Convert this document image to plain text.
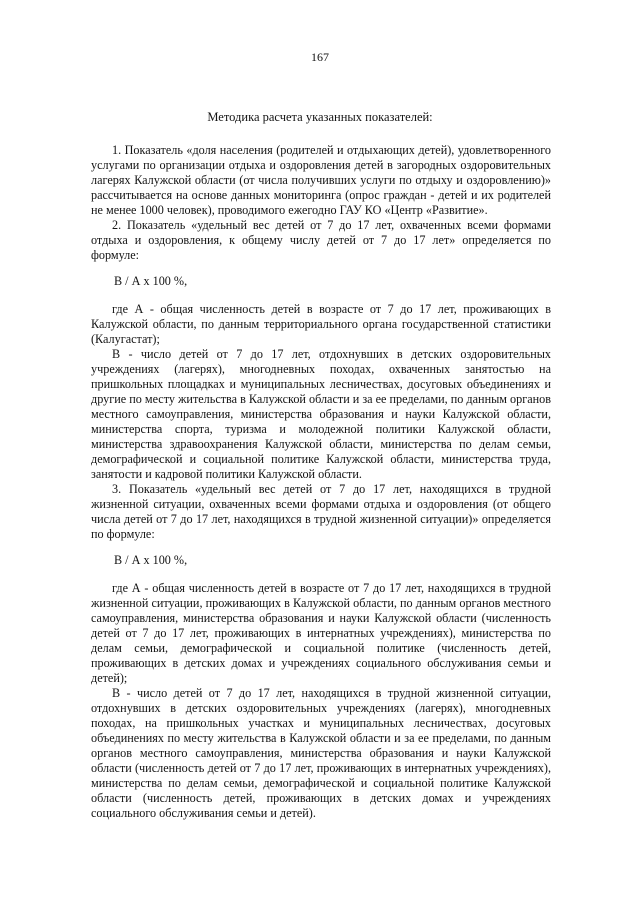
167
Методика расчета указанных показателей:

1. Показатель «доля населения (родителей и отдыхающих детей), удовлетворенного услугами по организации отдыха и оздоровления детей в загородных оздоровительных лагерях Калужской области (от числа получивших услуги по отдыху и оздоровлению)» рассчитывается на основе данных мониторинга (опрос граждан - детей и их родителей не менее 1000 человек), проводимого ежегодно ГАУ КО «Центр «Развитие».

2. Показатель «удельный вес детей от 7 до 17 лет, охваченных всеми формами отдыха и оздоровления, к общему числу детей от 7 до 17 лет» определяется по формуле:

В / А х 100 %,

где А - общая численность детей в возрасте от 7 до 17 лет, проживающих в Калужской области, по данным территориального органа государственной статистики (Калугастат);

В - число детей от 7 до 17 лет, отдохнувших в детских оздоровительных учреждениях (лагерях), многодневных походах, охваченных занятостью на пришкольных площадках и муниципальных лесничествах, досуговых объединениях и другие по месту жительства в Калужской области и за ее пределами, по данным органов местного самоуправления, министерства образования и науки Калужской области, министерства спорта, туризма и молодежной политики Калужской области, министерства здравоохранения Калужской области, министерства по делам семьи, демографической и социальной политике Калужской области, министерства труда, занятости и кадровой политики Калужской области.

3. Показатель «удельный вес детей от 7 до 17 лет, находящихся в трудной жизненной ситуации, охваченных всеми формами отдыха и оздоровления (от общего числа детей от 7 до 17 лет, находящихся в трудной жизненной ситуации)» определяется по формуле:

В / А х 100 %,

где А - общая численность детей в возрасте от 7 до 17 лет, находящихся в трудной жизненной ситуации, проживающих в Калужской области, по данным органов местного самоуправления, министерства образования и науки Калужской области (численность детей от 7 до 17 лет, проживающих в интернатных учреждениях), министерства по делам семьи, демографической и социальной политике (численность детей, проживающих в детских домах и учреждениях социального обслуживания семьи и детей);

В - число детей от 7 до 17 лет, находящихся в трудной жизненной ситуации, отдохнувших в детских оздоровительных учреждениях (лагерях), многодневных походах, на пришкольных участках и муниципальных лесничествах, досуговых объединениях по месту жительства в Калужской области и за ее пределами, по данным органов местного самоуправления, министерства образования и науки Калужской области (численность детей от 7 до 17 лет, проживающих в интернатных учреждениях), министерства по делам семьи, демографической и социальной политике Калужской области (численность детей, проживающих в детских домах и учреждениях социального обслуживания семьи и детей).
